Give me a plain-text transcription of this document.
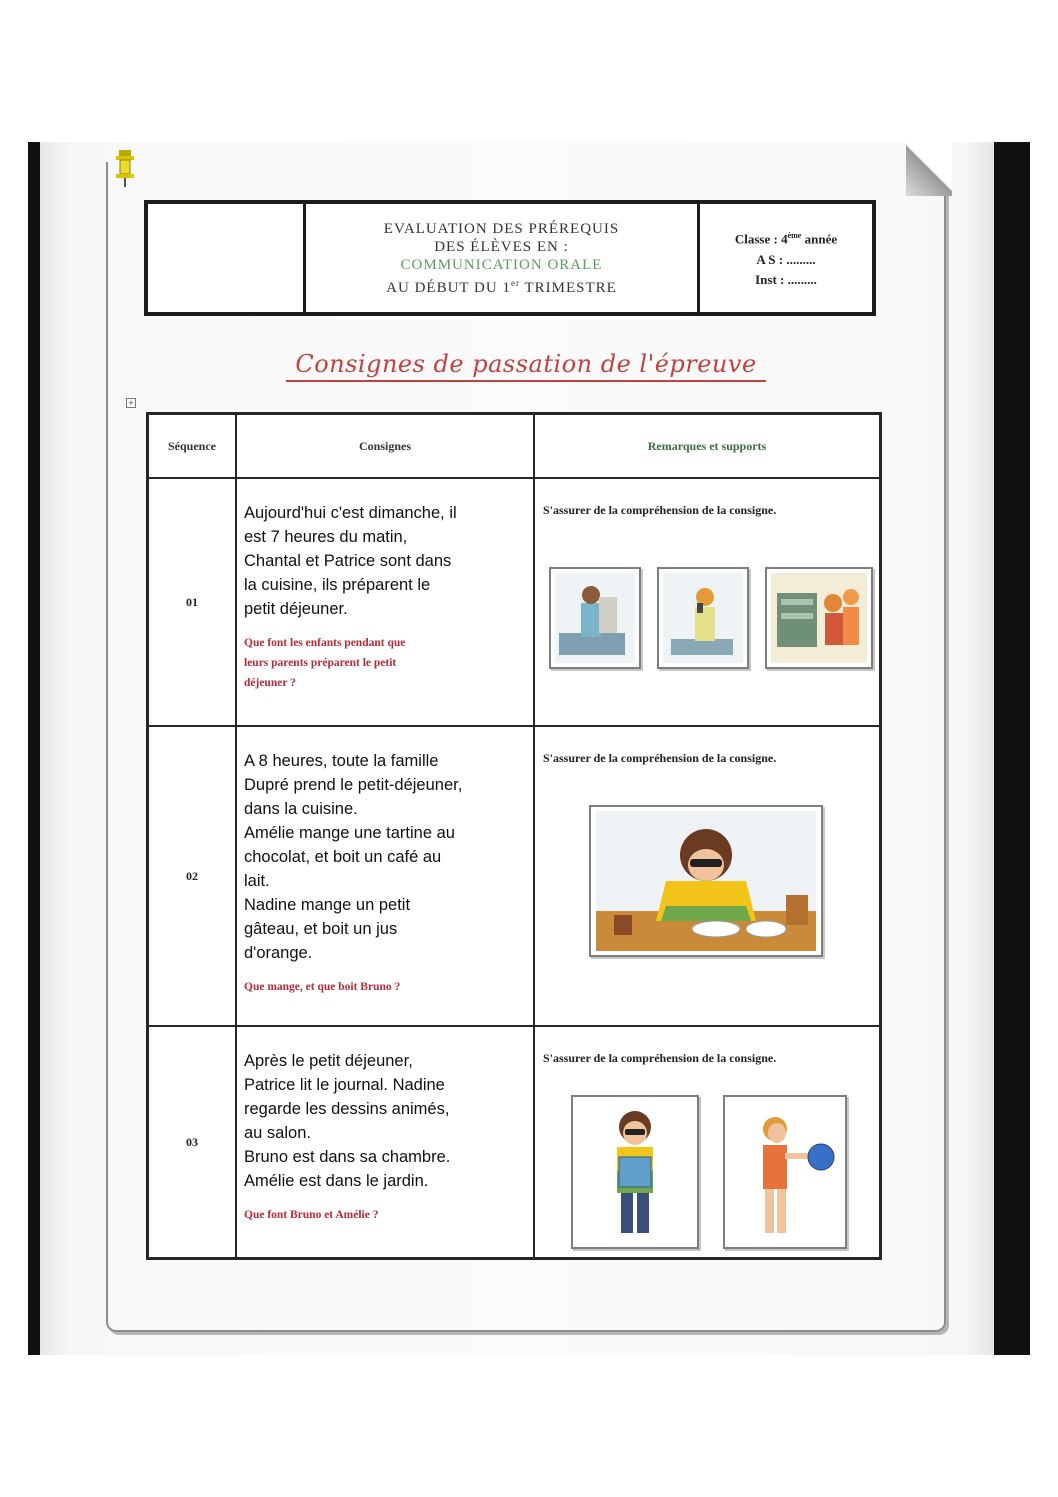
EVALUATION DES PRÉREQUIS
DES ÉLÈVES EN :
COMMUNICATION ORALE
AU DÉBUT DU 1er TRIMESTRE
Classe : 4ème année
A S : .........
Inst : .........
Consignes de passation de l'épreuve
+
Séquence	Consignes	Remarques et supports
01
Aujourd'hui c'est dimanche, il
est 7 heures du matin,
Chantal et Patrice sont dans
la cuisine, ils préparent le
petit déjeuner.
Que font les enfants pendant que
leurs parents préparent le petit
déjeuner ?
S'assurer de la compréhension de la consigne.
02
A 8 heures, toute la famille
Dupré prend le petit-déjeuner,
dans la cuisine.
Amélie mange une tartine au
chocolat, et boit un café au
lait.
Nadine mange un petit
gâteau, et boit un jus
d'orange.
Que mange, et que boit Bruno ?
S'assurer de la compréhension de la consigne.
03
Après le petit déjeuner,
Patrice lit le journal. Nadine
regarde les dessins animés,
au salon.
Bruno est dans sa chambre.
Amélie est dans le jardin.
Que font Bruno et Amélie ?
S'assurer de la compréhension de la consigne.
